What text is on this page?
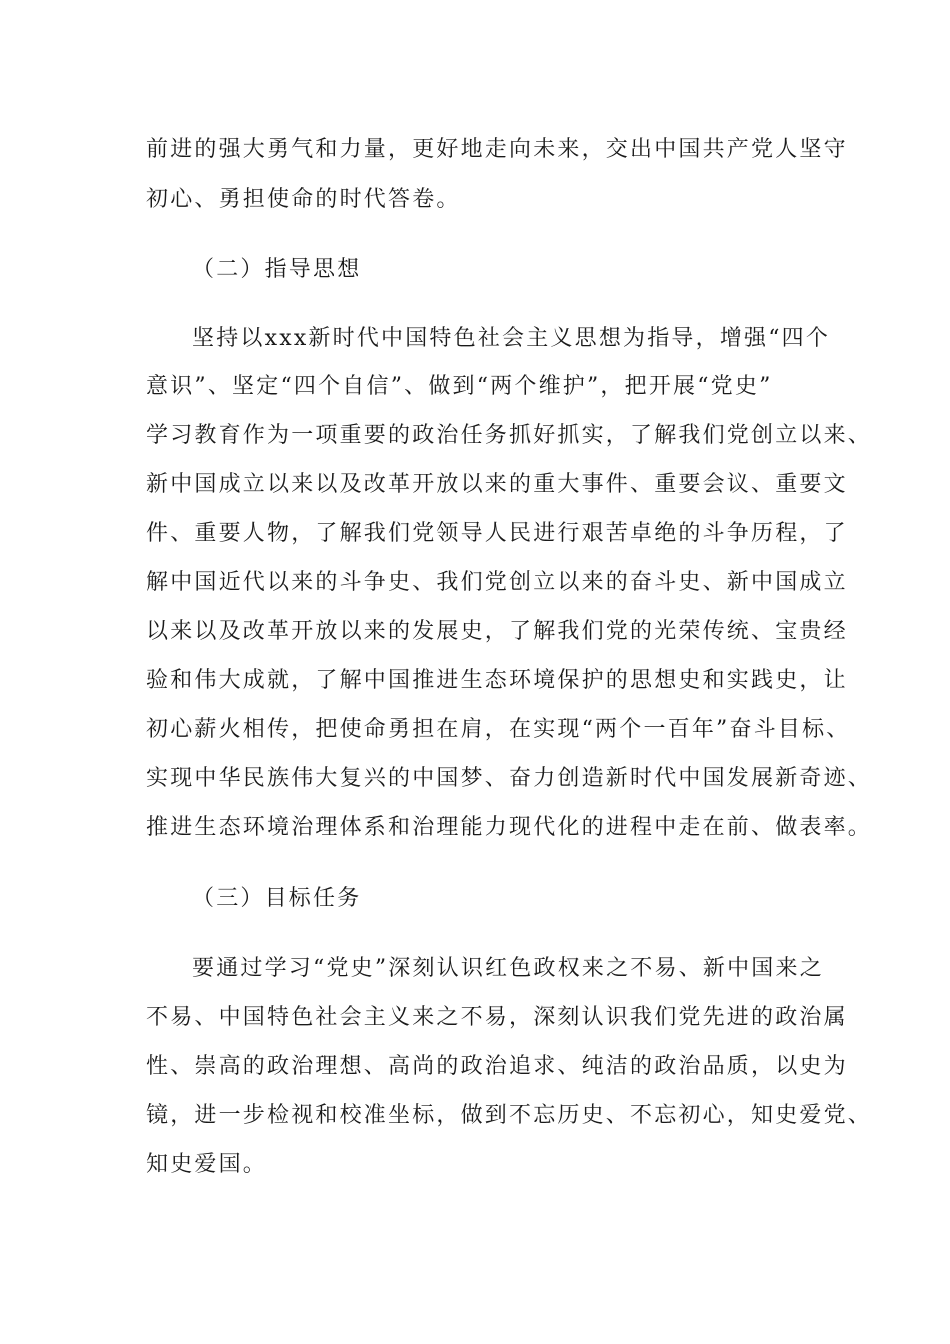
前进的强大勇气和力量，更好地走向未来，交出中国共产党人坚守
初心、勇担使命的时代答卷。
（二）指导思想
坚持以xxx新时代中国特色社会主义思想为指导，增强“四个
意识”、坚定“四个自信”、做到“两个维护”，把开展“党史”
学习教育作为一项重要的政治任务抓好抓实，了解我们党创立以来、
新中国成立以来以及改革开放以来的重大事件、重要会议、重要文
件、重要人物，了解我们党领导人民进行艰苦卓绝的斗争历程，了
解中国近代以来的斗争史、我们党创立以来的奋斗史、新中国成立
以来以及改革开放以来的发展史，了解我们党的光荣传统、宝贵经
验和伟大成就，了解中国推进生态环境保护的思想史和实践史，让
初心薪火相传，把使命勇担在肩，在实现“两个一百年”奋斗目标、
实现中华民族伟大复兴的中国梦、奋力创造新时代中国发展新奇迹、
推进生态环境治理体系和治理能力现代化的进程中走在前、做表率。
（三）目标任务
要通过学习“党史”深刻认识红色政权来之不易、新中国来之
不易、中国特色社会主义来之不易，深刻认识我们党先进的政治属
性、崇高的政治理想、高尚的政治追求、纯洁的政治品质，以史为
镜，进一步检视和校准坐标，做到不忘历史、不忘初心，知史爱党、
知史爱国。
